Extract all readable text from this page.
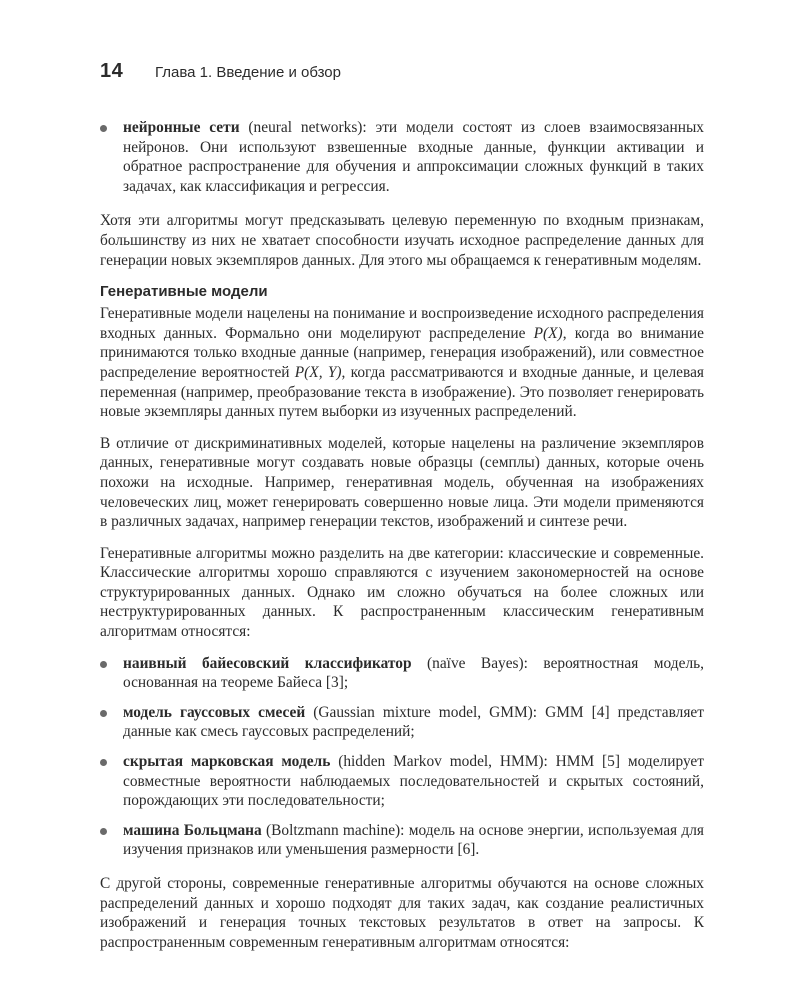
14 Глава 1. Введение и обзор
нейронные сети (neural networks): эти модели состоят из слоев взаимосвязанных нейронов. Они используют взвешенные входные данные, функции активации и обратное распространение для обучения и аппроксимации сложных функций в таких задачах, как классификация и регрессия.

Хотя эти алгоритмы могут предсказывать целевую переменную по входным признакам, большинству из них не хватает способности изучать исходное распределение данных для генерации новых экземпляров данных. Для этого мы обращаемся к генеративным моделям.

Генеративные модели

Генеративные модели нацелены на понимание и воспроизведение исходного распределения входных данных. Формально они моделируют распределение P(X), когда во внимание принимаются только входные данные (например, генерация изображений), или совместное распределение вероятностей P(X, Y), когда рассматриваются и входные данные, и целевая переменная (например, преобразование текста в изображение). Это позволяет генерировать новые экземпляры данных путем выборки из изученных распределений.

В отличие от дискриминативных моделей, которые нацелены на различение экземпляров данных, генеративные могут создавать новые образцы (семплы) данных, которые очень похожи на исходные. Например, генеративная модель, обученная на изображениях человеческих лиц, может генерировать совершенно новые лица. Эти модели применяются в различных задачах, например генерации текстов, изображений и синтезе речи.

Генеративные алгоритмы можно разделить на две категории: классические и современные. Классические алгоритмы хорошо справляются с изучением закономерностей на основе структурированных данных. Однако им сложно обучаться на более сложных или неструктурированных данных. К распространенным классическим генеративным алгоритмам относятся:

наивный байесовский классификатор (naïve Bayes): вероятностная модель, основанная на теореме Байеса [3];
модель гауссовых смесей (Gaussian mixture model, GMM): GMM [4] представляет данные как смесь гауссовых распределений;
скрытая марковская модель (hidden Markov model, HMM): HMM [5] моделирует совместные вероятности наблюдаемых последовательностей и скрытых состояний, порождающих эти последовательности;
машина Больцмана (Boltzmann machine): модель на основе энергии, используемая для изучения признаков или уменьшения размерности [6].

С другой стороны, современные генеративные алгоритмы обучаются на основе сложных распределений данных и хорошо подходят для таких задач, как создание реалистичных изображений и генерация точных текстовых результатов в ответ на запросы. К распространенным современным генеративным алгоритмам относятся:
